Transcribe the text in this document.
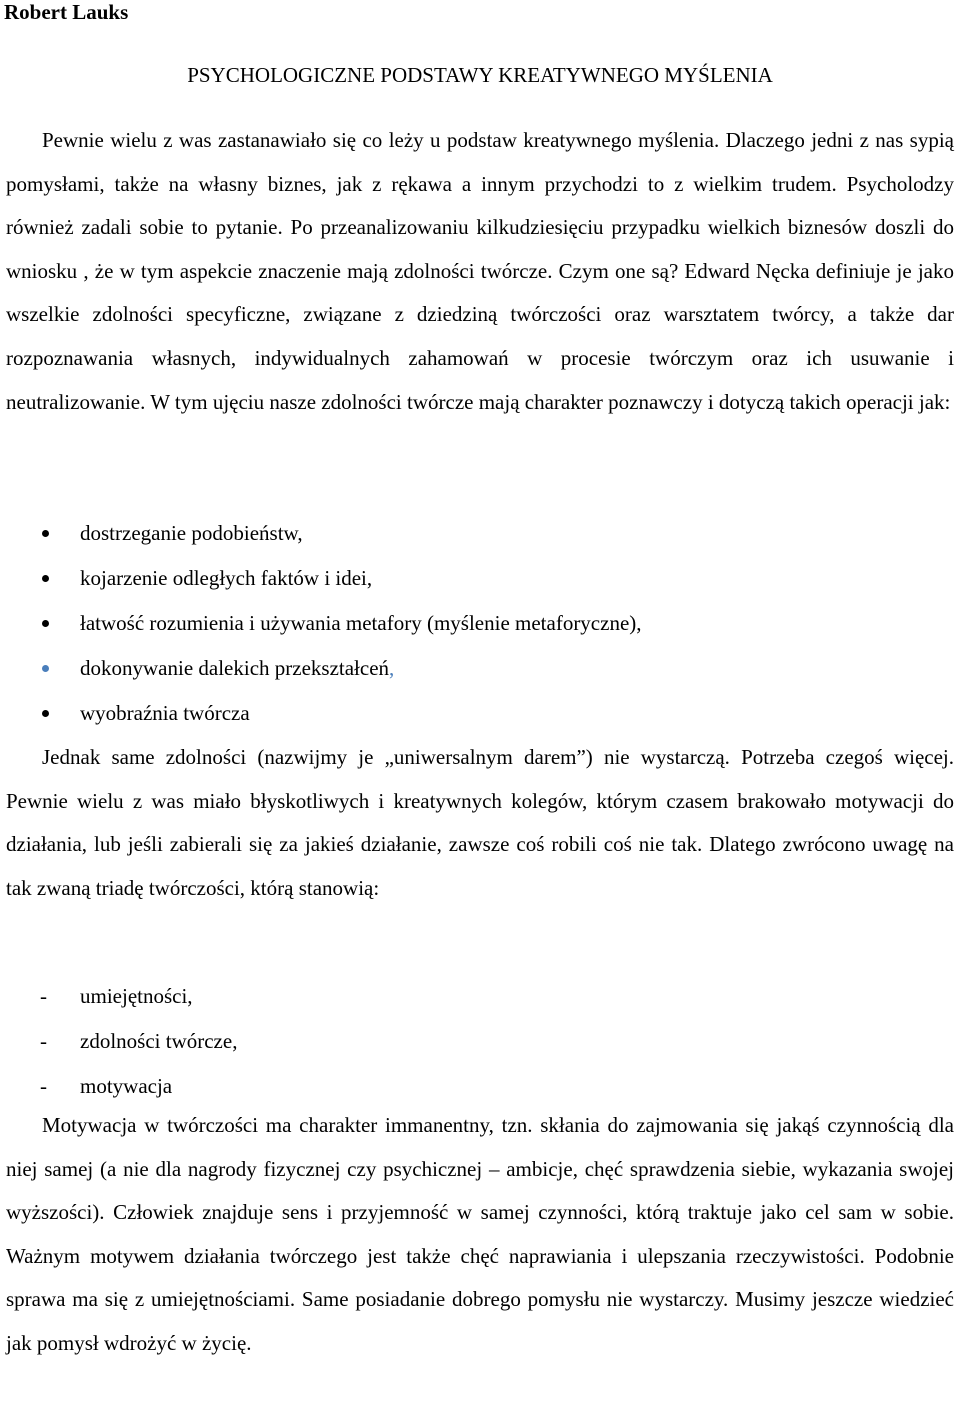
Robert Lauks
PSYCHOLOGICZNE PODSTAWY KREATYWNEGO MYŚLENIA

Pewnie wielu z was zastanawiało się co leży u podstaw kreatywnego myślenia. Dlaczego jedni z nas sypią pomysłami, także na własny biznes, jak z rękawa a innym przychodzi to z wielkim trudem. Psycholodzy również zadali sobie to pytanie. Po przeanalizowaniu kilkudziesięciu przypadku wielkich biznesów doszli do wniosku , że w tym aspekcie znaczenie mają zdolności twórcze. Czym one są? Edward Nęcka definiuje je jako wszelkie zdolności specyficzne, związane z dziedziną twórczości oraz warsztatem twórcy, a także dar rozpoznawania własnych, indywidualnych zahamowań w procesie twórczym oraz ich usuwanie i neutralizowanie. W tym ujęciu nasze zdolności twórcze mają charakter poznawczy i dotyczą takich operacji jak:

dostrzeganie podobieństw,
kojarzenie odległych faktów i idei,
łatwość rozumienia i używania metafory (myślenie metaforyczne),
dokonywanie dalekich przekształceń,
wyobraźnia twórcza

Jednak same zdolności (nazwijmy je „uniwersalnym darem”) nie wystarczą. Potrzeba czegoś więcej. Pewnie wielu z was miało błyskotliwych i kreatywnych kolegów, którym czasem brakowało motywacji do działania, lub jeśli zabierali się za jakieś działanie, zawsze coś robili coś nie tak. Dlatego zwrócono uwagę na tak zwaną triadę twórczości, którą stanowią:

- umiejętności,
- zdolności twórcze,
- motywacja

Motywacja w twórczości ma charakter immanentny, tzn. skłania do zajmowania się jakąś czynnością dla niej samej (a nie dla nagrody fizycznej czy psychicznej – ambicje, chęć sprawdzenia siebie, wykazania swojej wyższości). Człowiek znajduje sens i przyjemność w samej czynności, którą traktuje jako cel sam w sobie. Ważnym motywem działania twórczego jest także chęć naprawiania i ulepszania rzeczywistości. Podobnie sprawa ma się z umiejętnościami. Same posiadanie dobrego pomysłu nie wystarczy. Musimy jeszcze wiedzieć jak pomysł wdrożyć w życię.
